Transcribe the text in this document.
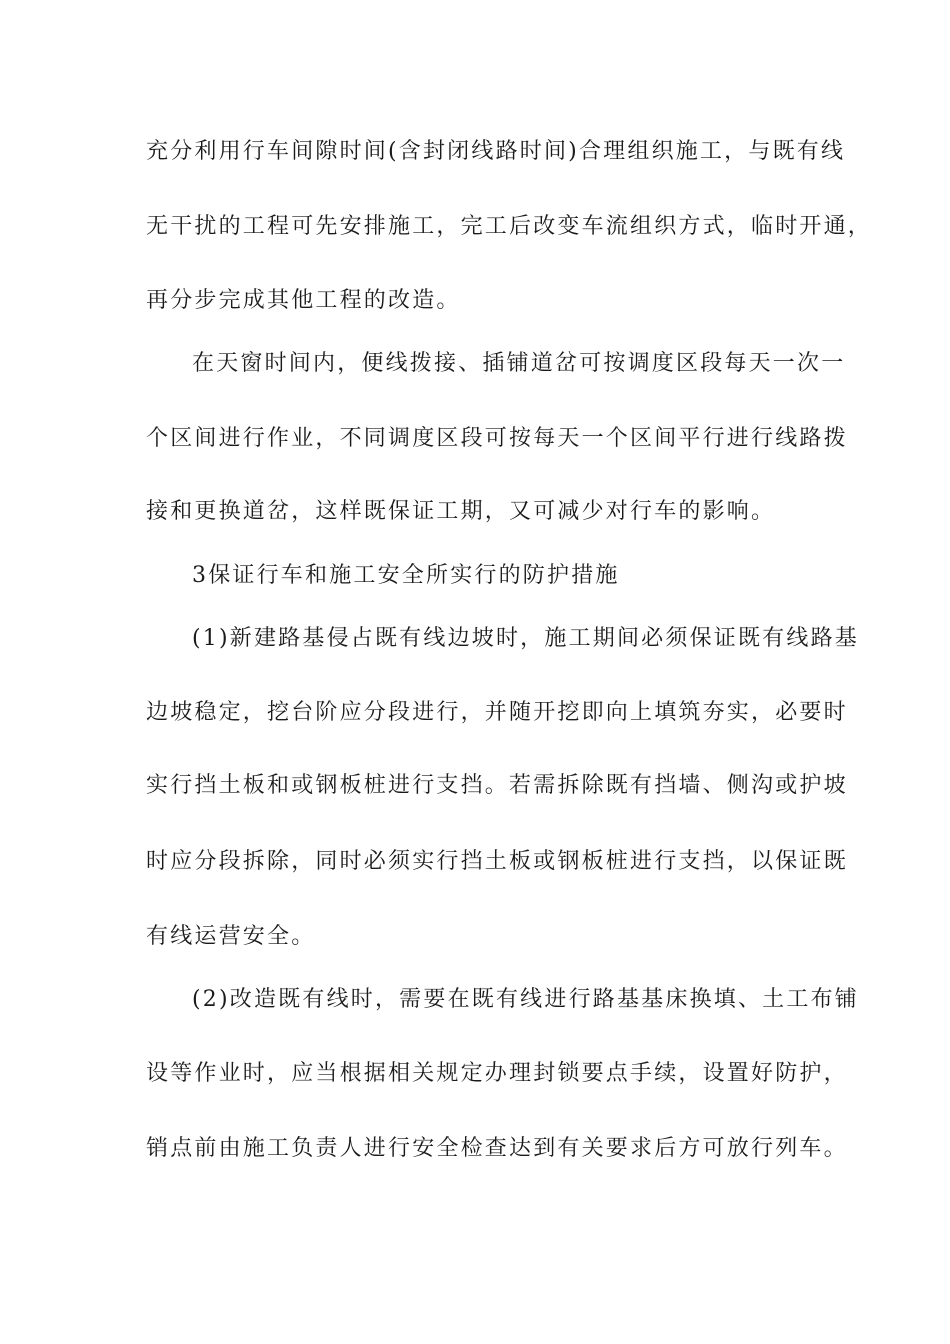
充分利用行车间隙时间(含封闭线路时间)合理组织施工，与既有线
无干扰的工程可先安排施工，完工后改变车流组织方式，临时开通，
再分步完成其他工程的改造。
在天窗时间内，便线拨接、插铺道岔可按调度区段每天一次一
个区间进行作业，不同调度区段可按每天一个区间平行进行线路拨
接和更换道岔，这样既保证工期，又可减少对行车的影响。
3保证行车和施工安全所实行的防护措施
(1)新建路基侵占既有线边坡时，施工期间必须保证既有线路基
边坡稳定，挖台阶应分段进行，并随开挖即向上填筑夯实，必要时
实行挡土板和或钢板桩进行支挡。若需拆除既有挡墙、侧沟或护坡
时应分段拆除，同时必须实行挡土板或钢板桩进行支挡，以保证既
有线运营安全。
(2)改造既有线时，需要在既有线进行路基基床换填、土工布铺
设等作业时，应当根据相关规定办理封锁要点手续，设置好防护，
销点前由施工负责人进行安全检查达到有关要求后方可放行列车。
